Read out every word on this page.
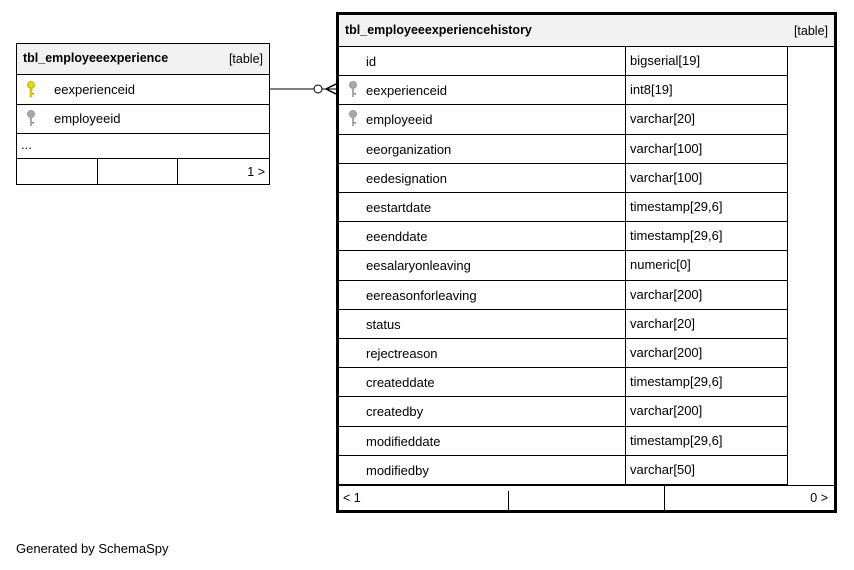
tbl_employeeexperience	[table]
eexperienceid
employeeid
...
1 >
tbl_employeeexperiencehistory	[table]
id	bigserial[19]
eexperienceid	int8[19]
employeeid	varchar[20]
eeorganization	varchar[100]
eedesignation	varchar[100]
eestartdate	timestamp[29,6]
eeenddate	timestamp[29,6]
eesalaryonleaving	numeric[0]
eereasonforleaving	varchar[200]
status	varchar[20]
rejectreason	varchar[200]
createddate	timestamp[29,6]
createdby	varchar[200]
modifieddate	timestamp[29,6]
modifiedby	varchar[50]
< 1	0 >
Generated by SchemaSpy
